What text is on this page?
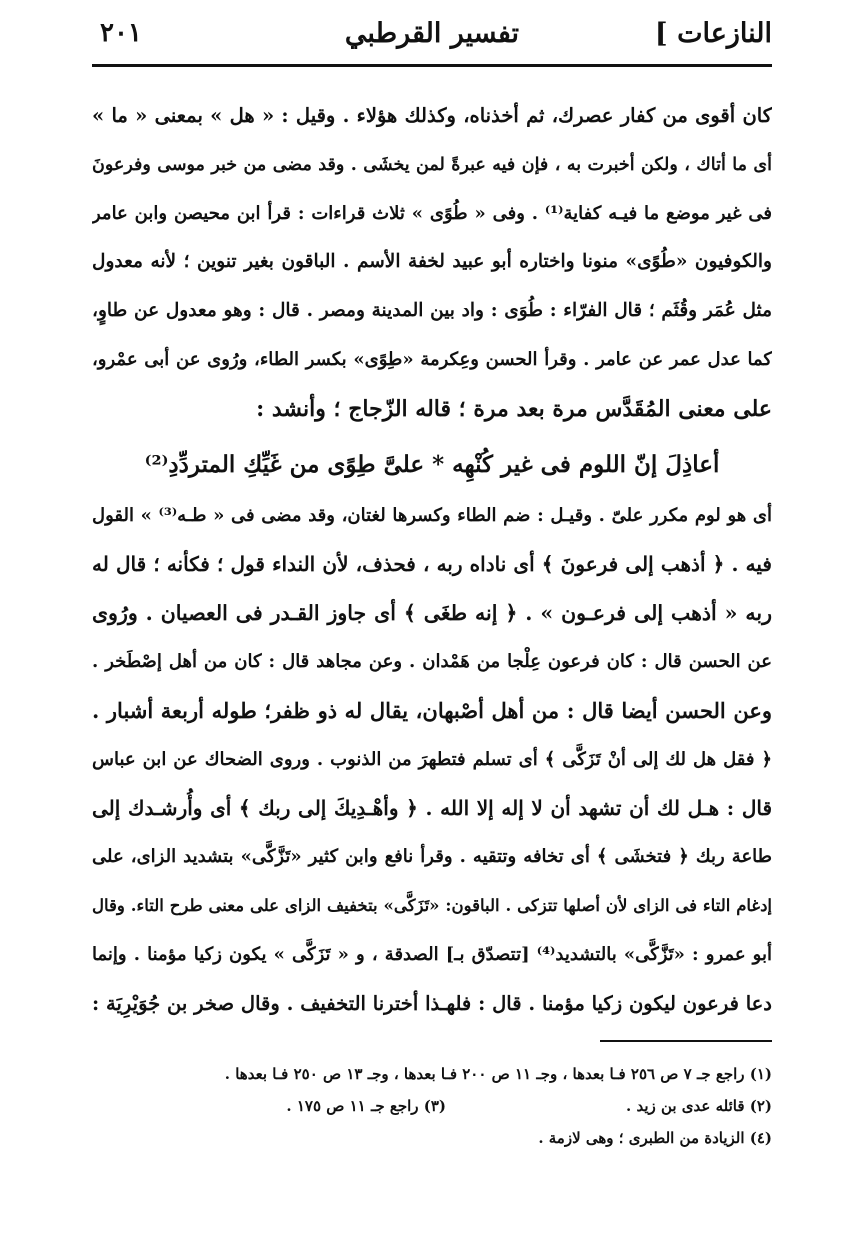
النازعات ]
تفسير القرطبي
٢٠١
كان أقوى من كفار عصرك، ثم أخذناه، وكذلك هؤلاء . وقيل : « هل » بمعنى « ما »
أى ما أتاك ، ولكن أخبرت به ، فإن فيه عبرةً لمن يخشَى . وقد مضى من خبر موسى وفرعونَ
فى غير موضع ما فيـه كفاية⁽¹⁾ . وفى « طُوًى » ثلاث قراءات : قرأ ابن محيصن وابن عامر
والكوفيون «طُوًى» منونا واختاره أبو عبيد لخفة الأسم . الباقون بغير تنوين ؛ لأنه معدول
مثل عُمَر وقُثَم ؛ قال الفرّاء : طُوَى : واد بين المدينة ومصر . قال : وهو معدول عن طاوٍ،
كما عدل عمر عن عامر . وقرأ الحسن وعِكرمة «طِوًى» بكسر الطاء، ورُوى عن أبى عمْرو،
على معنى المُقَدَّس مرة بعد مرة ؛ قاله الزّجاج ؛ وأنشد :
أعاذِلَ إنّ اللوم فى غير كُنْهِه * علىَّ طِوًى من غَيِّكِ المتردِّدِ⁽²⁾
أى هو لوم مكرر علىّ . وقيـل : ضم الطاء وكسرها لغتان، وقد مضى فى « طـه⁽³⁾ » القول
فيه . ﴿ أذهب إلى فرعونَ ﴾ أى ناداه ربه ، فحذف، لأن النداء قول ؛ فكأنه ؛ قال له
ربه « أذهب إلى فرعـون » . ﴿ إنه طغَى ﴾ أى جاوز القـدر فى العصيان . ورُوى
عن الحسن قال : كان فرعون عِلْجا من هَمْدان . وعن مجاهد قال : كان من أهل إصْطَخر .
وعن الحسن أيضا قال : من أهل أصْبهان، يقال له ذو ظفر؛ طوله أربعة أشبار .
﴿ فقل هل لك إلى أنْ تَزَكَّى ﴾ أى تسلم فتطهرَ من الذنوب . وروى الضحاك عن ابن عباس
قال : هـل لك أن تشهد أن لا إله إلا الله . ﴿ وأهْـدِيكَ إلى ربك ﴾ أى وأُرشـدك إلى
طاعة ربك ﴿ فتخشَى ﴾ أى تخافه وتتقيه . وقرأ نافع وابن كثير «تَزَّكَّى» بتشديد الزاى، على
إدغام التاء فى الزاى لأن أصلها تتزكى . الباقون: «تَزَكَّى» بتخفيف الزاى على معنى طرح التاء. وقال
أبو عمرو : «تَزَّكَّى» بالتشديد⁽⁴⁾ [تتصدّق بـ] الصدقة ، و « تَزَكَّى » يكون زكيا مؤمنا . وإنما
دعا فرعون ليكون زكيا مؤمنا . قال : فلهـذا أخترنا التخفيف . وقال صخر بن جُوَيْرِيَة :
(١) راجع جـ ٧ ص ٢٥٦ فـا بعدها ، وجـ ١١ ص ٢٠٠ فـا بعدها ، وجـ ١٣ ص ٢٥٠ فـا بعدها .
(٢) قائله عدى بن زيد .
(٣) راجع جـ ١١ ص ١٧٥ .
(٤) الزيادة من الطبرى ؛ وهى لازمة .
